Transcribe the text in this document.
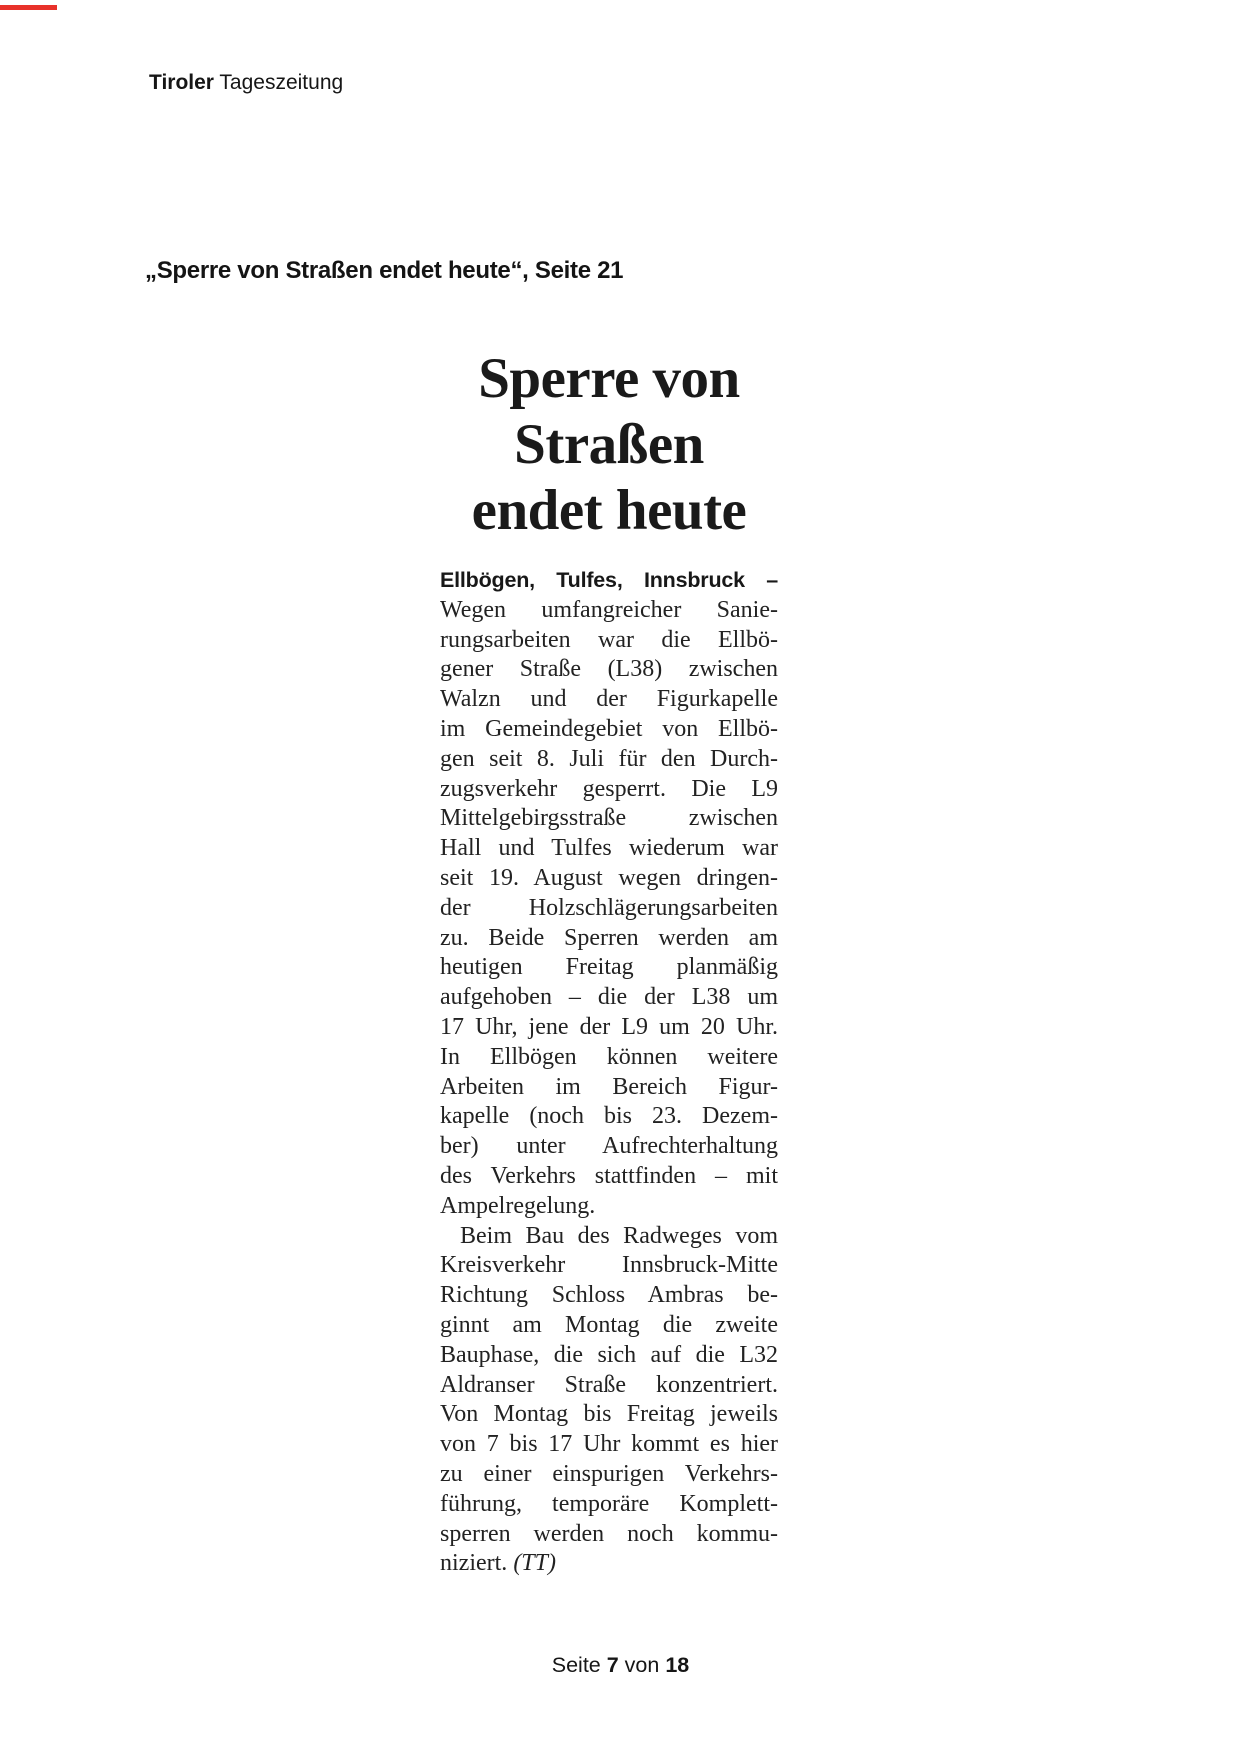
Tiroler Tageszeitung
„Sperre von Straßen endet heute“, Seite 21
Sperre von
Straßen
endet heute
Ellbögen, Tulfes, Innsbruck –
Wegen umfangreicher Sanie-
rungsarbeiten war die Ellbö-
gener Straße (L38) zwischen
Walzn und der Figurkapelle
im Gemeindegebiet von Ellbö-
gen seit 8. Juli für den Durch-
zugsverkehr gesperrt. Die L9
Mittelgebirgsstraße zwischen
Hall und Tulfes wiederum war
seit 19. August wegen dringen-
der Holzschlägerungsarbeiten
zu. Beide Sperren werden am
heutigen Freitag planmäßig
aufgehoben – die der L38 um
17 Uhr, jene der L9 um 20 Uhr.
In Ellbögen können weitere
Arbeiten im Bereich Figur-
kapelle (noch bis 23. Dezem-
ber) unter Aufrechterhaltung
des Verkehrs stattfinden – mit
Ampelregelung.
Beim Bau des Radweges vom
Kreisverkehr Innsbruck-Mitte
Richtung Schloss Ambras be-
ginnt am Montag die zweite
Bauphase, die sich auf die L32
Aldranser Straße konzentriert.
Von Montag bis Freitag jeweils
von 7 bis 17 Uhr kommt es hier
zu einer einspurigen Verkehrs-
führung, temporäre Komplett-
sperren werden noch kommu-
niziert. (TT)
Seite 7 von 18
